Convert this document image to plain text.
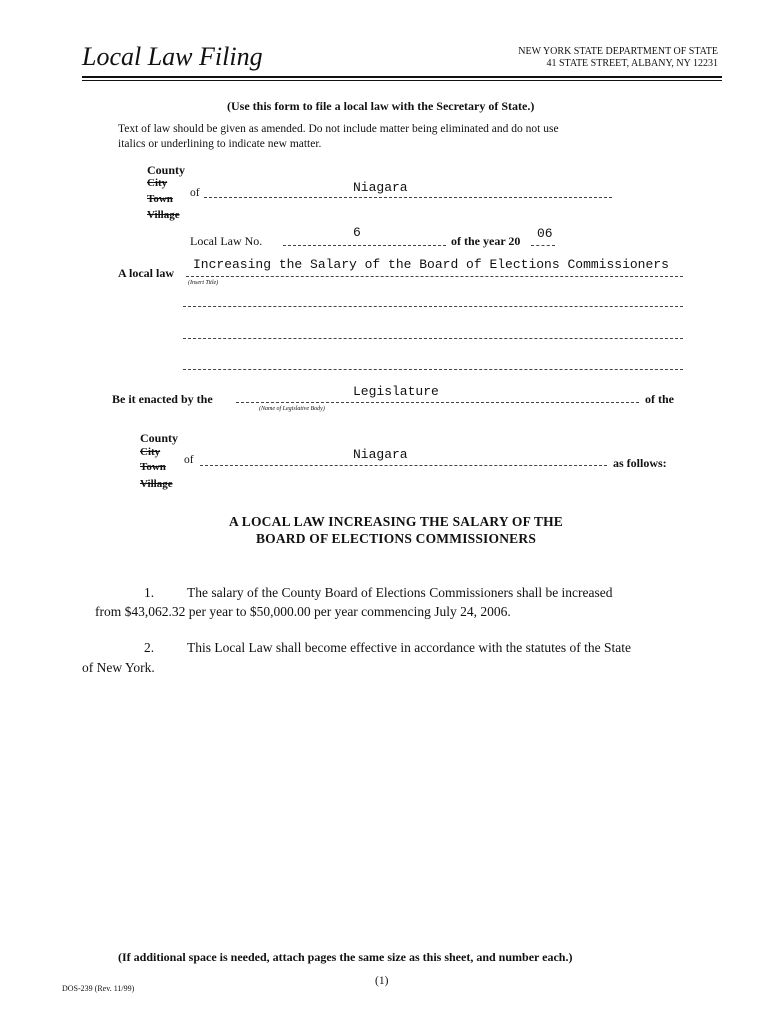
Local Law Filing	NEW YORK STATE DEPARTMENT OF STATE
41 STATE STREET, ALBANY, NY 12231
(Use this form to file a local law with the Secretary of State.)
Text of law should be given as amended. Do not include matter being eliminated and do not use
italics or underlining to indicate new matter.
County
City
Town
Village
of	Niagara
Local Law No.
6
of the year 20 06
A local law
Increasing the Salary of the Board of Elections Commissioners
(Insert Title)
Be it enacted by the	Legislature
(Name of Legislative Body)
of the
County
City
Town
Village
of	Niagara
as follows:
A LOCAL LAW INCREASING THE SALARY OF THE
BOARD OF ELECTIONS COMMISSIONERS
1. The salary of the County Board of Elections Commissioners shall be increased
from $43,062.32 per year to $50,000.00 per year commencing July 24, 2006.
2. This Local Law shall become effective in accordance with the statutes of the State
of New York.
(If additional space is needed, attach pages the same size as this sheet, and number each.)
DOS-239 (Rev. 11/99)
(1)
